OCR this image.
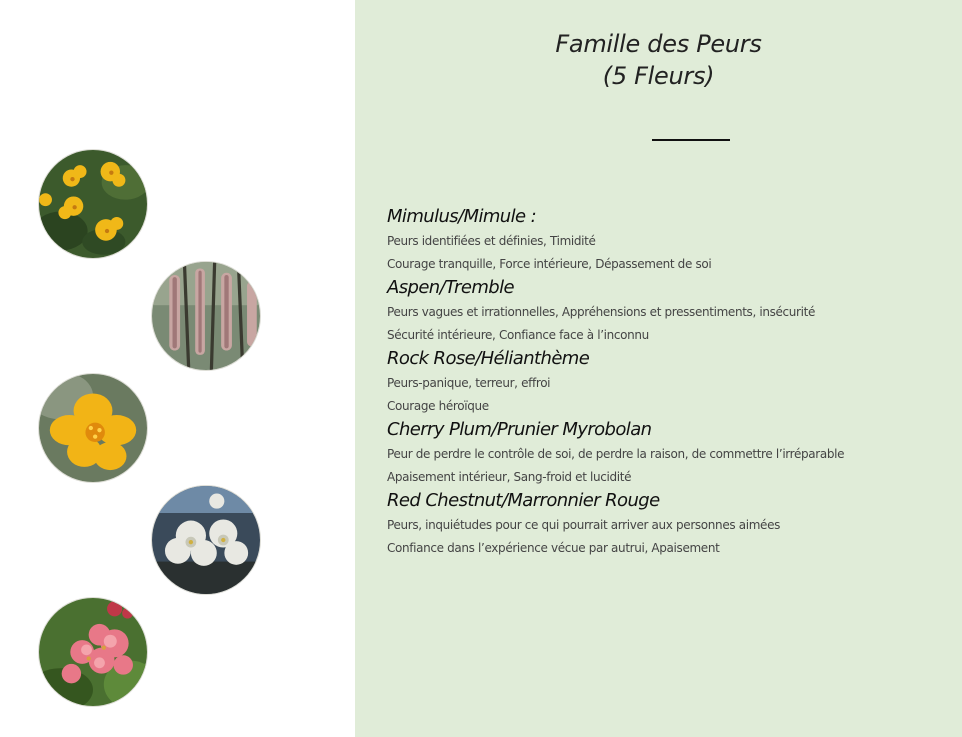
Famille des Peurs
(5 Fleurs)
Mimulus/Mimule :
Peurs identifiées et définies, Timidité
Courage tranquille, Force intérieure, Dépassement de soi
Aspen/Tremble
Peurs vagues et irrationnelles, Appréhensions et pressentiments, insécurité
Sécurité intérieure, Confiance face à l’inconnu
Rock Rose/Hélianthème
Peurs-panique, terreur, effroi
Courage héroïque
Cherry Plum/Prunier Myrobolan
Peur de perdre le contrôle de soi, de perdre la raison, de commettre l’irréparable
Apaisement intérieur, Sang-froid et lucidité
Red Chestnut/Marronnier Rouge
Peurs, inquiétudes pour ce qui pourrait arriver aux personnes aimées
Confiance dans l’expérience vécue par autrui, Apaisement
